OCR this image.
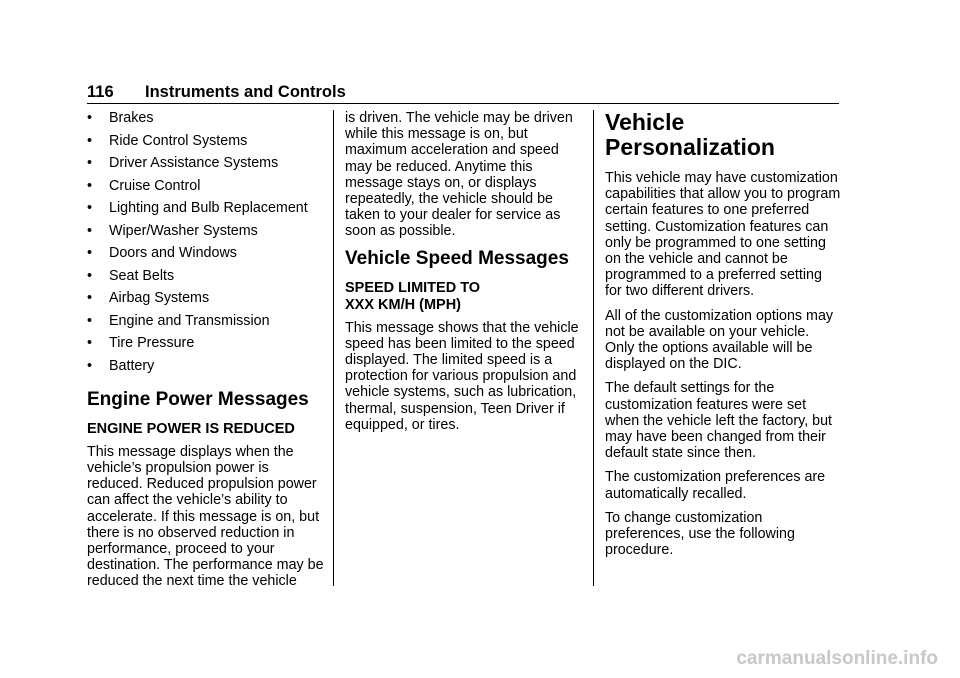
116 Instruments and Controls
• Brakes
• Ride Control Systems
• Driver Assistance Systems
• Cruise Control
• Lighting and Bulb Replacement
• Wiper/Washer Systems
• Doors and Windows
• Seat Belts
• Airbag Systems
• Engine and Transmission
• Tire Pressure
• Battery
Engine Power Messages
ENGINE POWER IS REDUCED

This message displays when the vehicle’s propulsion power is reduced. Reduced propulsion power can affect the vehicle’s ability to accelerate. If this message is on, but there is no observed reduction in performance, proceed to your destination. The performance may be reduced the next time the vehicle

is driven. The vehicle may be driven while this message is on, but maximum acceleration and speed may be reduced. Anytime this message stays on, or displays repeatedly, the vehicle should be taken to your dealer for service as soon as possible.

Vehicle Speed Messages
SPEED LIMITED TO
XXX KM/H (MPH)

This message shows that the vehicle speed has been limited to the speed displayed. The limited speed is a protection for various propulsion and vehicle systems, such as lubrication, thermal, suspension, Teen Driver if equipped, or tires.

Vehicle
Personalization

This vehicle may have customization capabilities that allow you to program certain features to one preferred setting. Customization features can only be programmed to one setting on the vehicle and cannot be programmed to a preferred setting for two different drivers.

All of the customization options may not be available on your vehicle. Only the options available will be displayed on the DIC.

The default settings for the customization features were set when the vehicle left the factory, but may have been changed from their default state since then.

The customization preferences are automatically recalled.

To change customization preferences, use the following procedure.

carmanualsonline.info
